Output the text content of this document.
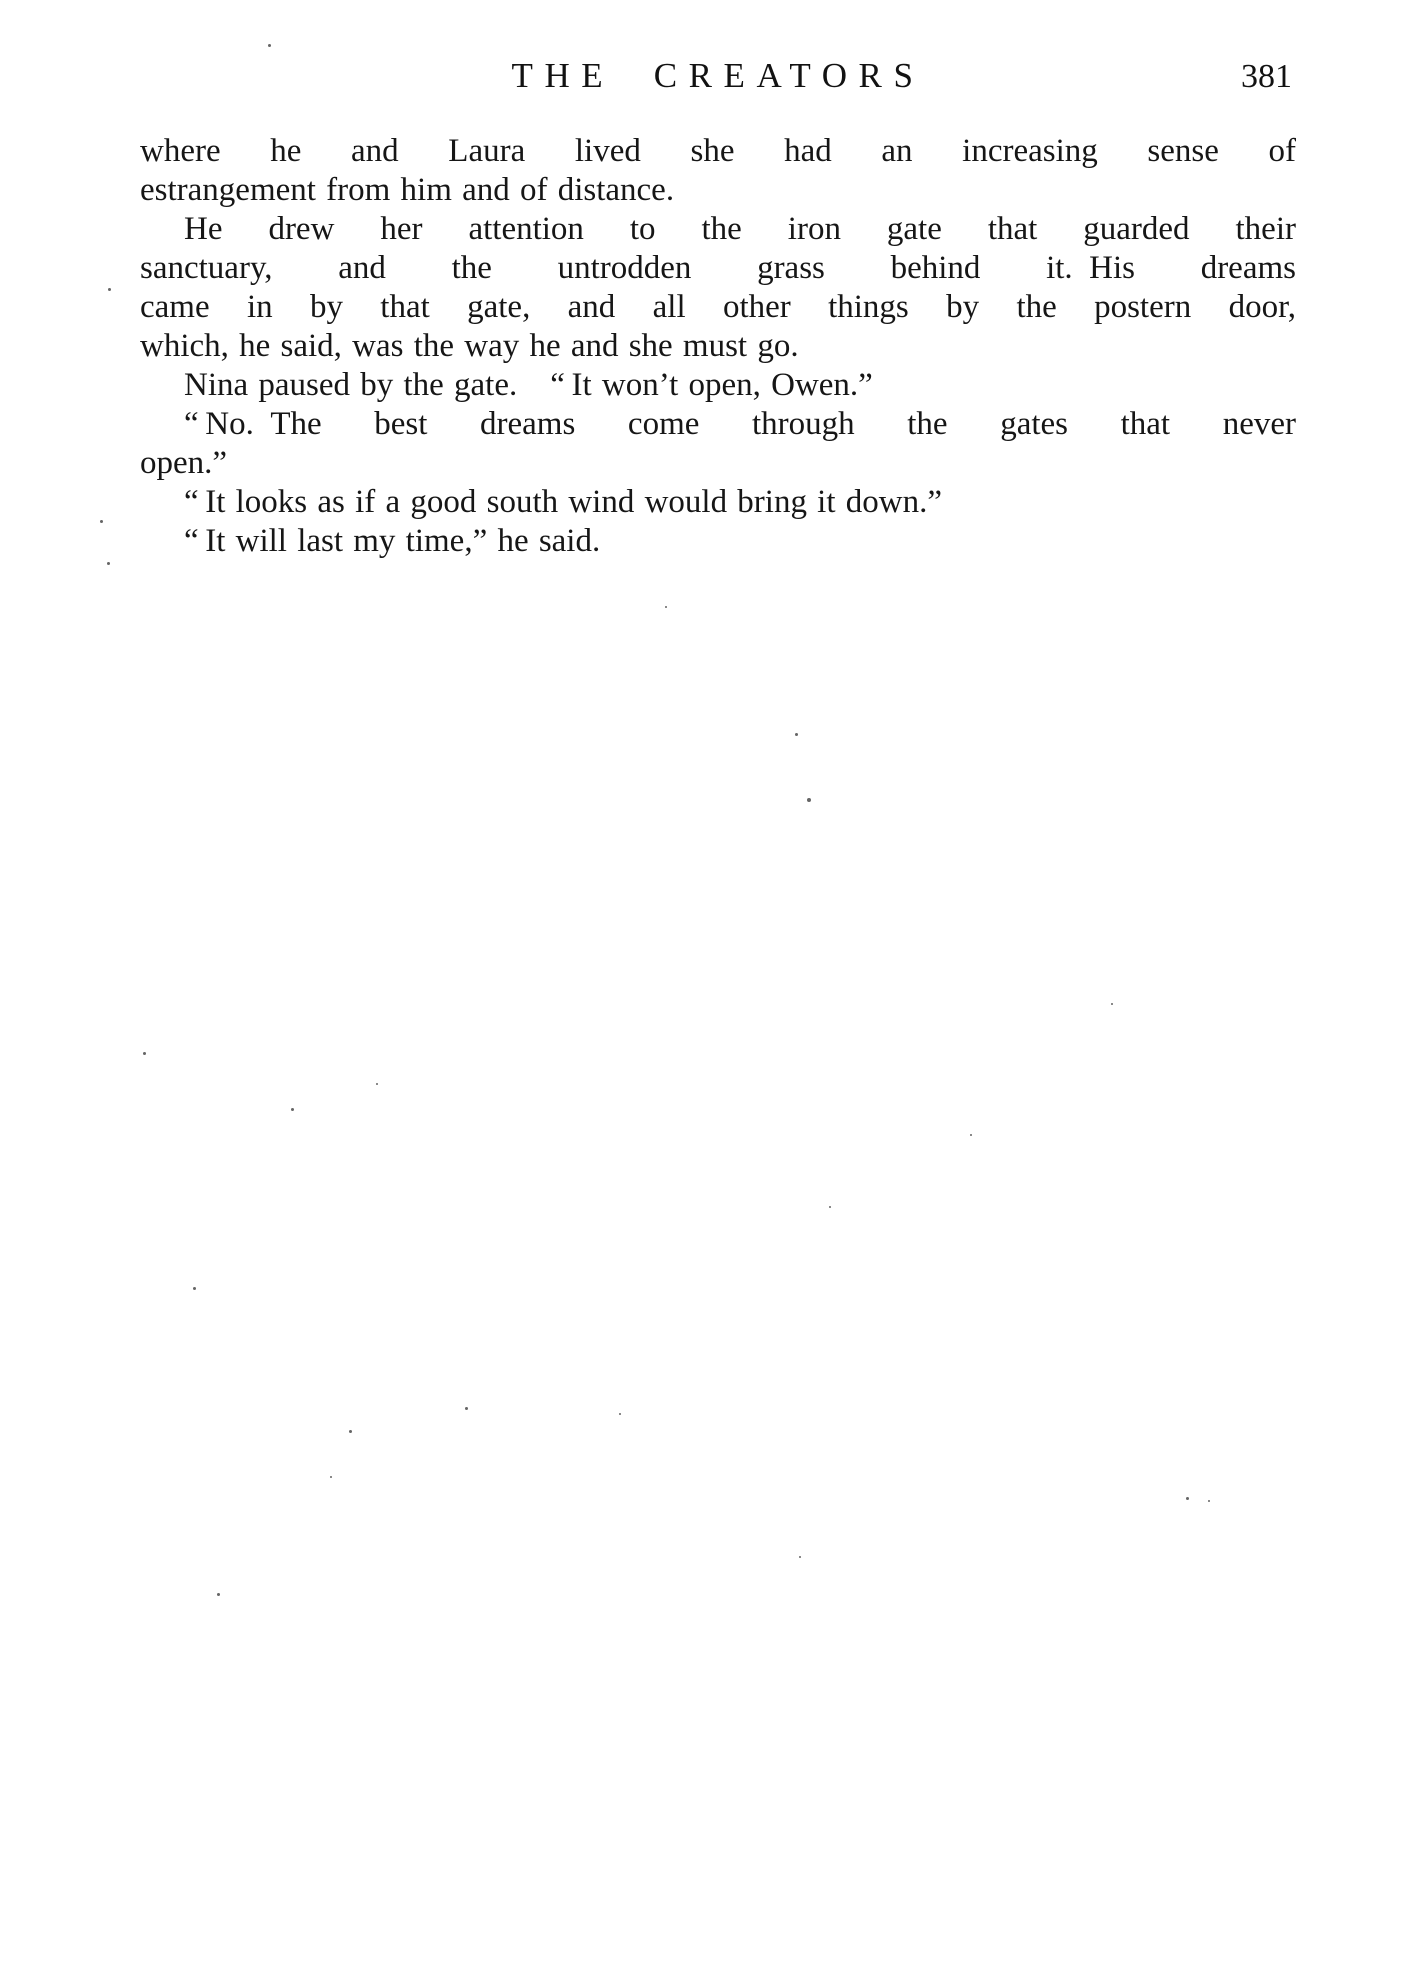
THE CREATORS	381
where he and Laura lived she had an increasing sense of
estrangement from him and of distance.
He drew her attention to the iron gate that guarded their
sanctuary, and the untrodden grass behind it. His dreams
came in by that gate, and all other things by the postern door,
which, he said, was the way he and she must go.
Nina paused by the gate.  “ It won’t open, Owen.”
“ No. The best dreams come through the gates that never
open.”
“ It looks as if a good south wind would bring it down.”
“ It will last my time,” he said.
